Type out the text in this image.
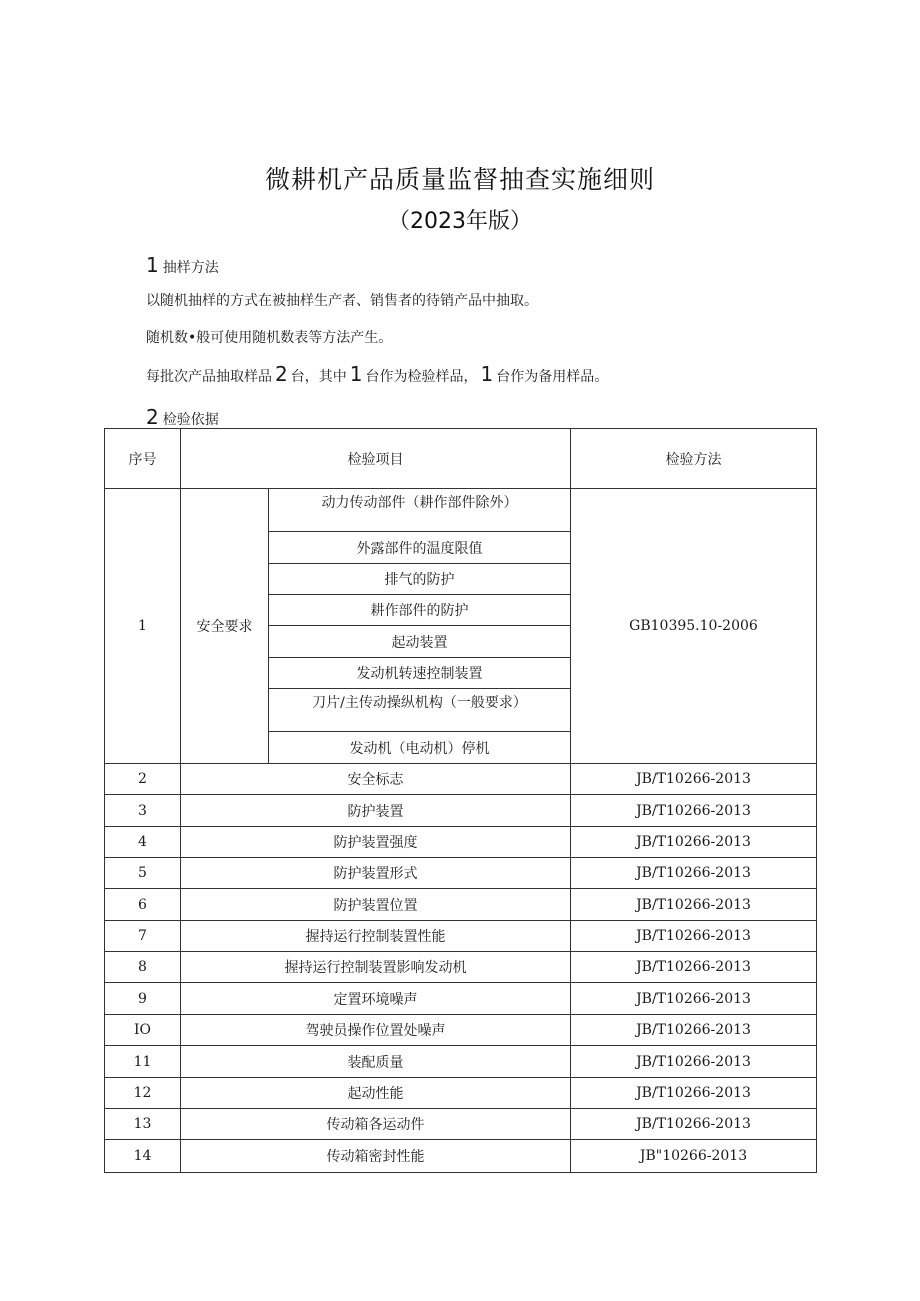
微耕机产品质量监督抽查实施细则
（2023年版）
1 抽样方法
以随机抽样的方式在被抽样生产者、销售者的待销产品中抽取。
随机数•般可使用随机数表等方法产生。
每批次产品抽取样品 2 台，其中 1 台作为检验样品， 1 台作为备用样品。
2 检验依据
序号	检验项目		检验方法
1	安全要求	动力传动部件（耕作部件除外）	GB10395.10-2006
		外露部件的温度限值	
		排气的防护	
		耕作部件的防护	
		起动装置	
		发动机转速控制装置	
		刀片/主传动操纵机构（一般要求）	
		发动机（电动机）停机	
2	安全标志		JB/T10266-2013
3	防护装置		JB/T10266-2013
4	防护装置强度		JB/T10266-2013
5	防护装置形式		JB/T10266-2013
6	防护装置位置		JB/T10266-2013
7	握持运行控制装置性能		JB/T10266-2013
8	握持运行控制装置影响发动机		JB/T10266-2013
9	定置环境噪声		JB/T10266-2013
IO	驾驶员操作位置处噪声		JB/T10266-2013
11	装配质量		JB/T10266-2013
12	起动性能		JB/T10266-2013
13	传动箱各运动件		JB/T10266-2013
14	传动箱密封性能		JB"10266-2013
